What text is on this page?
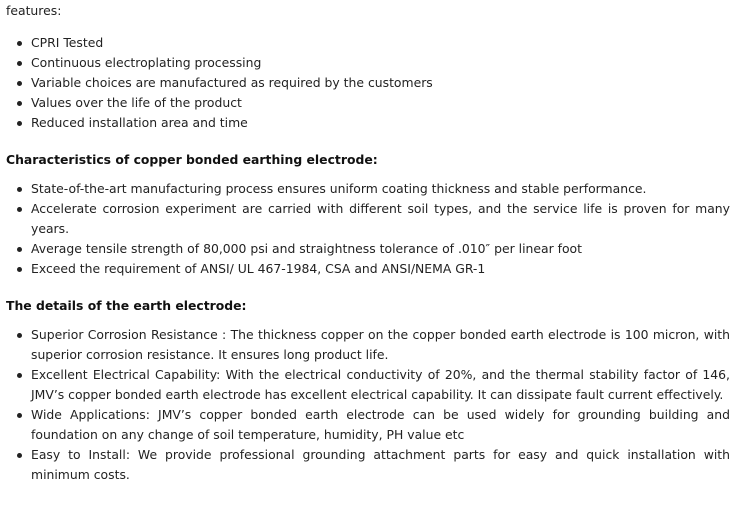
features:

CPRI Tested
Continuous electroplating processing
Variable choices are manufactured as required by the customers
Values over the life of the product
Reduced installation area and time
Characteristics of copper bonded earthing electrode:
State-of-the-art manufacturing process ensures uniform coating thickness and stable performance.
Accelerate corrosion experiment are carried with different soil types, and the service life is proven for many years.
Average tensile strength of 80,000 psi and straightness tolerance of .010″ per linear foot
Exceed the requirement of ANSI/ UL 467-1984, CSA and ANSI/NEMA GR-1
The details of the earth electrode:
Superior Corrosion Resistance : The thickness copper on the copper bonded earth electrode is 100 micron, with superior corrosion resistance. It ensures long product life.
Excellent Electrical Capability: With the electrical conductivity of 20%, and the thermal stability factor of 146, JMV’s copper bonded earth electrode has excellent electrical capability. It can dissipate fault current effectively.
Wide Applications: JMV’s copper bonded earth electrode can be used widely for grounding building and foundation on any change of soil temperature, humidity, PH value etc
Easy to Install: We provide professional grounding attachment parts for easy and quick installation with minimum costs.
